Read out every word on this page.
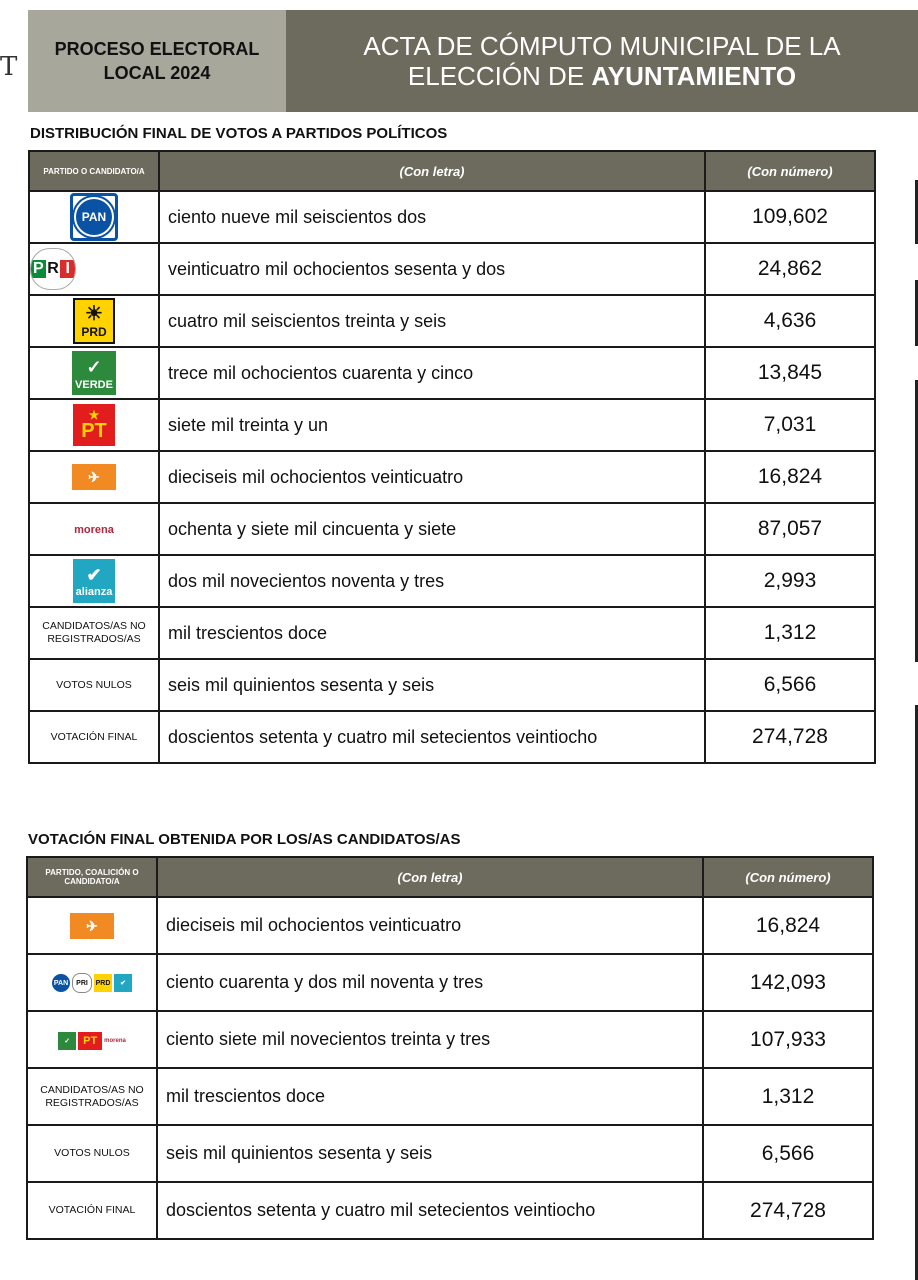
T
PROCESO ELECTORAL
LOCAL 2024
ACTA DE CÓMPUTO MUNICIPAL DE LA
ELECCIÓN DE AYUNTAMIENTO
DISTRIBUCIÓN FINAL DE VOTOS A PARTIDOS POLÍTICOS
PARTIDO O CANDIDATO/A	(Con letra)	(Con número)

PAN	ciento nueve mil seiscientos dos	109,602

P R I	veinticuatro mil ochocientos sesenta y dos	24,862

☀
PRD	cuatro mil seiscientos treinta y seis	4,636

✓
VERDE	trece mil ochocientos cuarenta y cinco	13,845

★
PT	siete mil treinta y un	7,031

✈	dieciseis mil ochocientos veinticuatro	16,824
morena	ochenta y siete mil cincuenta y siete	87,057

✔
alianza	dos mil novecientos noventa y tres	2,993
CANDIDATOS/AS NO REGISTRADOS/AS	mil trescientos doce	1,312
VOTOS NULOS	seis mil quinientos sesenta y seis	6,566
VOTACIÓN FINAL	doscientos setenta y cuatro mil setecientos veintiocho	274,728
VOTACIÓN FINAL OBTENIDA POR LOS/AS CANDIDATOS/AS
PARTIDO, COALICIÓN O CANDIDATO/A	(Con letra)	(Con número)

✈	dieciseis mil ochocientos veinticuatro	16,824

PAN PRI PRD ✔	ciento cuarenta y dos mil noventa y tres	142,093

✓ PT morena	ciento siete mil novecientos treinta y tres	107,933
CANDIDATOS/AS NO REGISTRADOS/AS	mil trescientos doce	1,312
VOTOS NULOS	seis mil quinientos sesenta y seis	6,566
VOTACIÓN FINAL	doscientos setenta y cuatro mil setecientos veintiocho	274,728
